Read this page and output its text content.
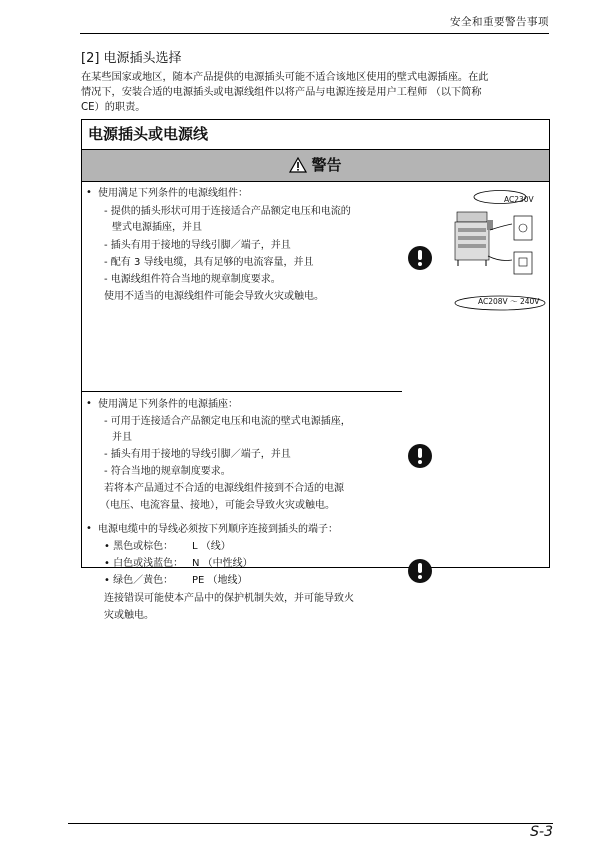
安全和重要警告事项
[2] 电源插头选择
在某些国家或地区，随本产品提供的电源插头可能不适合该地区使用的壁式电源插座。在此
情况下，安装合适的电源插头或电源线组件以将产品与电源连接是用户工程师 （以下简称
CE）的职责。
电源插头或电源线
警告
• 使用满足下列条件的电源线组件：
- 提供的插头形状可用于连接适合产品额定电压和电流的
壁式电源插座，并且
- 插头有用于接地的导线引脚／端子，并且
- 配有 3 导线电缆，具有足够的电流容量，并且
- 电源线组件符合当地的规章制度要求。
使用不适当的电源线组件可能会导致火灾或触电。
AC230V
AC208V ～ 240V
• 使用满足下列条件的电源插座：
- 可用于连接适合产品额定电压和电流的壁式电源插座，
并且
- 插头有用于接地的导线引脚／端子，并且
- 符合当地的规章制度要求。
若将本产品通过不合适的电源线组件接到不合适的电源
（电压、电流容量、接地），可能会导致火灾或触电。
• 电源电缆中的导线必须按下列顺序连接到插头的端子：
• 黑色或棕色： L （线）
• 白色或浅蓝色： N （中性线）
• 绿色／黄色： PE （地线）
连接错误可能使本产品中的保护机制失效，并可能导致火
灾或触电。
S-3
